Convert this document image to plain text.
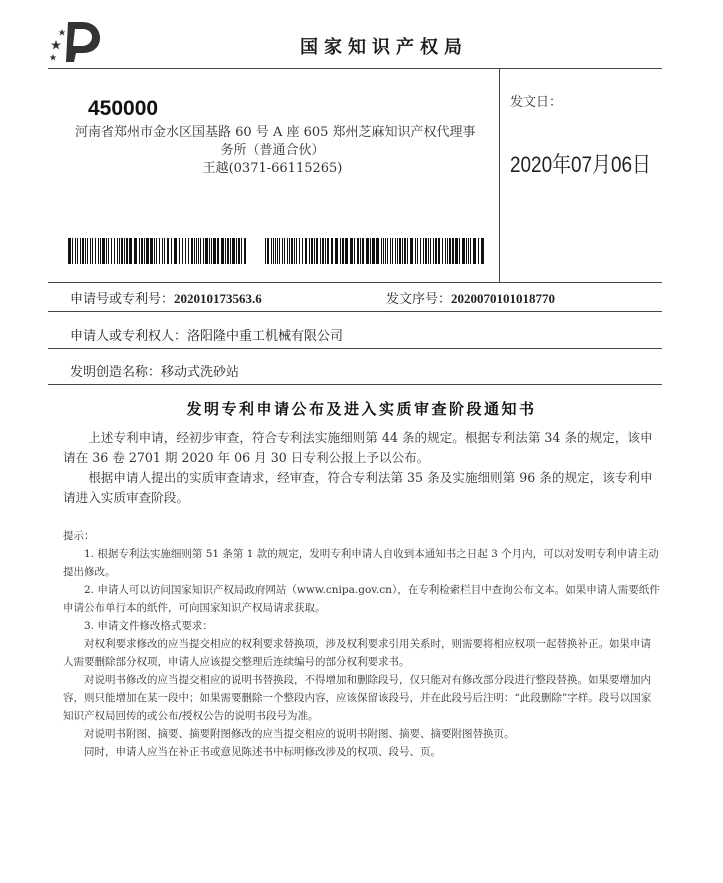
国家知识产权局
450000
河南省郑州市金水区国基路 60 号 A 座 605 郑州芝麻知识产权代理事
务所（普通合伙）
王越(0371-66115265)
发文日：
2020年07月06日
申请号或专利号：202010173563.6	发文序号：2020070101018770
申请人或专利权人：洛阳隆中重工机械有限公司
发明创造名称：移动式洗砂站
发明专利申请公布及进入实质审查阶段通知书

上述专利申请，经初步审查，符合专利法实施细则第 44 条的规定。根据专利法第 34 条的规定，该申请在 36 卷 2701 期 2020 年 06 月 30 日专利公报上予以公布。

根据申请人提出的实质审查请求，经审查，符合专利法第 35 条及实施细则第 96 条的规定，该专利申请进入实质审查阶段。

提示：
1. 根据专利法实施细则第 51 条第 1 款的规定，发明专利申请人自收到本通知书之日起 3 个月内，可以对发明专利申请主动提出修改。
2. 申请人可以访问国家知识产权局政府网站（www.cnipa.gov.cn），在专利检索栏目中查询公布文本。如果申请人需要纸件申请公布单行本的纸件，可向国家知识产权局请求获取。
3. 申请文件修改格式要求：
对权利要求修改的应当提交相应的权利要求替换项，涉及权利要求引用关系时，则需要将相应权项一起替换补正。如果申请人需要删除部分权项，申请人应该提交整理后连续编号的部分权利要求书。
对说明书修改的应当提交相应的说明书替换段，不得增加和删除段号，仅只能对有修改部分段进行整段替换。如果要增加内容，则只能增加在某一段中；如果需要删除一个整段内容，应该保留该段号，并在此段号后注明：“此段删除”字样。段号以国家知识产权局回传的或公布/授权公告的说明书段号为准。
对说明书附图、摘要、摘要附图修改的应当提交相应的说明书附图、摘要、摘要附图替换页。
同时，申请人应当在补正书或意见陈述书中标明修改涉及的权项、段号、页。
